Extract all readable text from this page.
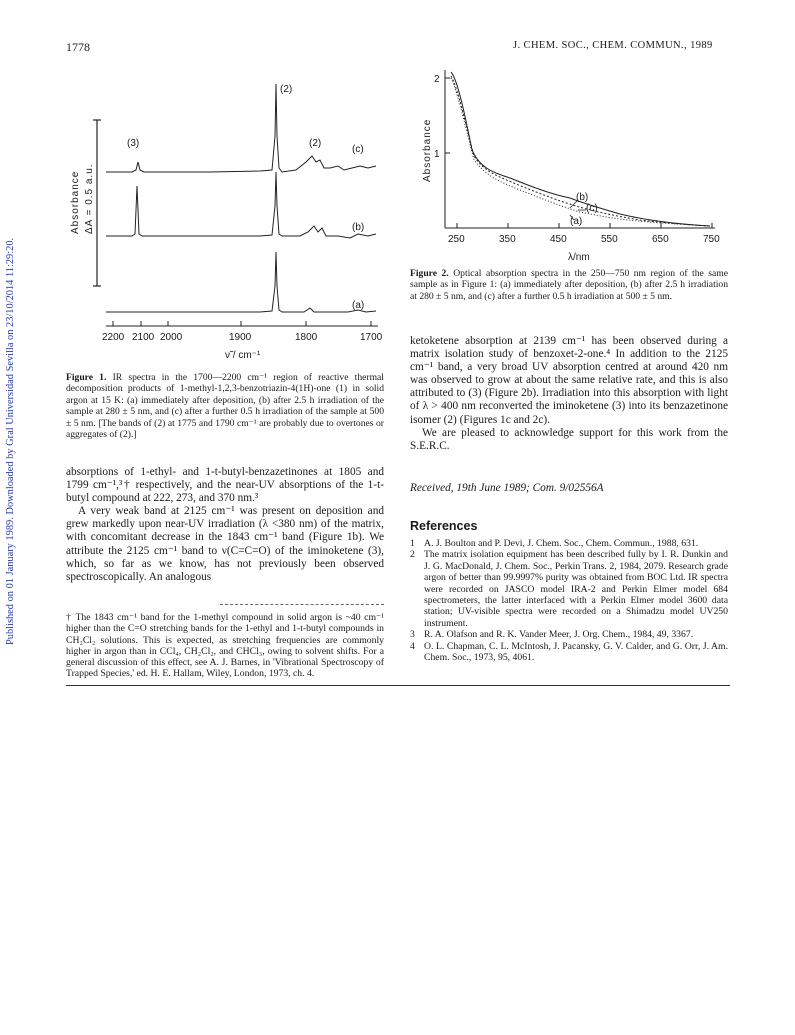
Published on 01 January 1989. Downloaded by Gral Universidad Sevilla on 23/10/2014 11:29:20.
1778	J. CHEM. SOC., CHEM. COMMUN., 1989
Absorbance ΔA = 0.5 a.u.
2200 2100 2000	1900	1800	1700
ν̃ / cm⁻¹
(2)
(3)	(2)
(c)
(b)
(a)
Figure 1. IR spectra in the 1700—2200 cm⁻¹ region of reactive thermal decomposition products of 1-methyl-1,2,3-benzotriazin-4(1H)-one (1) in solid argon at 15 K: (a) immediately after deposition, (b) after 2.5 h irradiation of the sample at 280 ± 5 nm, and (c) after a further 0.5 h irradiation of the sample at 500 ± 5 nm. [The bands of (2) at 1775 and 1790 cm⁻¹ are probably due to overtones or aggregates of (2).]

absorptions of 1-ethyl- and 1-t-butyl-benzazetinones at 1805 and 1799 cm⁻¹,³† respectively, and the near-UV absorptions of the 1-t-butyl compound at 222, 273, and 370 nm.³

A very weak band at 2125 cm⁻¹ was present on deposition and grew markedly upon near-UV irradiation (λ <380 nm) of the matrix, with concomitant decrease in the 1843 cm⁻¹ band (Figure 1b). We attribute the 2125 cm⁻¹ band to ν(C=C=O) of the iminoketene (3), which, so far as we know, has not previously been observed spectroscopically. An analogous

† The 1843 cm⁻¹ band for the 1-methyl compound in solid argon is ~40 cm⁻¹ higher than the C=O stretching bands for the 1-ethyl and 1-t-butyl compounds in CH₂Cl₂ solutions. This is expected, as stretching frequencies are commonly higher in argon than in CCl₄, CH₂Cl₂, and CHCl₃, owing to solvent shifts. For a general discussion of this effect, see A. J. Barnes, in 'Vibrational Spectroscopy of Trapped Species,' ed. H. E. Hallam, Wiley, London, 1973, ch. 4.
Absorbance
2
1
250	350	450	550	650	750
λ/nm
(b)
(c)
(a)
Figure 2. Optical absorption spectra in the 250—750 nm region of the same sample as in Figure 1: (a) immediately after deposition, (b) after 2.5 h irradiation at 280 ± 5 nm, and (c) after a further 0.5 h irradiation at 500 ± 5 nm.

ketoketene absorption at 2139 cm⁻¹ has been observed during a matrix isolation study of benzoxet-2-one.⁴ In addition to the 2125 cm⁻¹ band, a very broad UV absorption centred at around 420 nm was observed to grow at about the same relative rate, and this is also attributed to (3) (Figure 2b). Irradiation into this absorption with light of λ > 400 nm reconverted the iminoketene (3) into its benzazetinone isomer (2) (Figures 1c and 2c).

We are pleased to acknowledge support for this work from the S.E.R.C.

Received, 19th June 1989; Com. 9/02556A
References
1 A. J. Boulton and P. Devi, J. Chem. Soc., Chem. Commun., 1988, 631.
2 The matrix isolation equipment has been described fully by I. R. Dunkin and J. G. MacDonald, J. Chem. Soc., Perkin Trans. 2, 1984, 2079. Research grade argon of better than 99.9997% purity was obtained from BOC Ltd. IR spectra were recorded on JASCO model IRA-2 and Perkin Elmer model 684 spectrometers, the latter interfaced with a Perkin Elmer model 3600 data station; UV-visible spectra were recorded on a Shimadzu model UV250 instrument.
3 R. A. Olafson and R. K. Vander Meer, J. Org. Chem., 1984, 49, 3367.
4 O. L. Chapman, C. L. McIntosh, J. Pacansky, G. V. Calder, and G. Orr, J. Am. Chem. Soc., 1973, 95, 4061.
